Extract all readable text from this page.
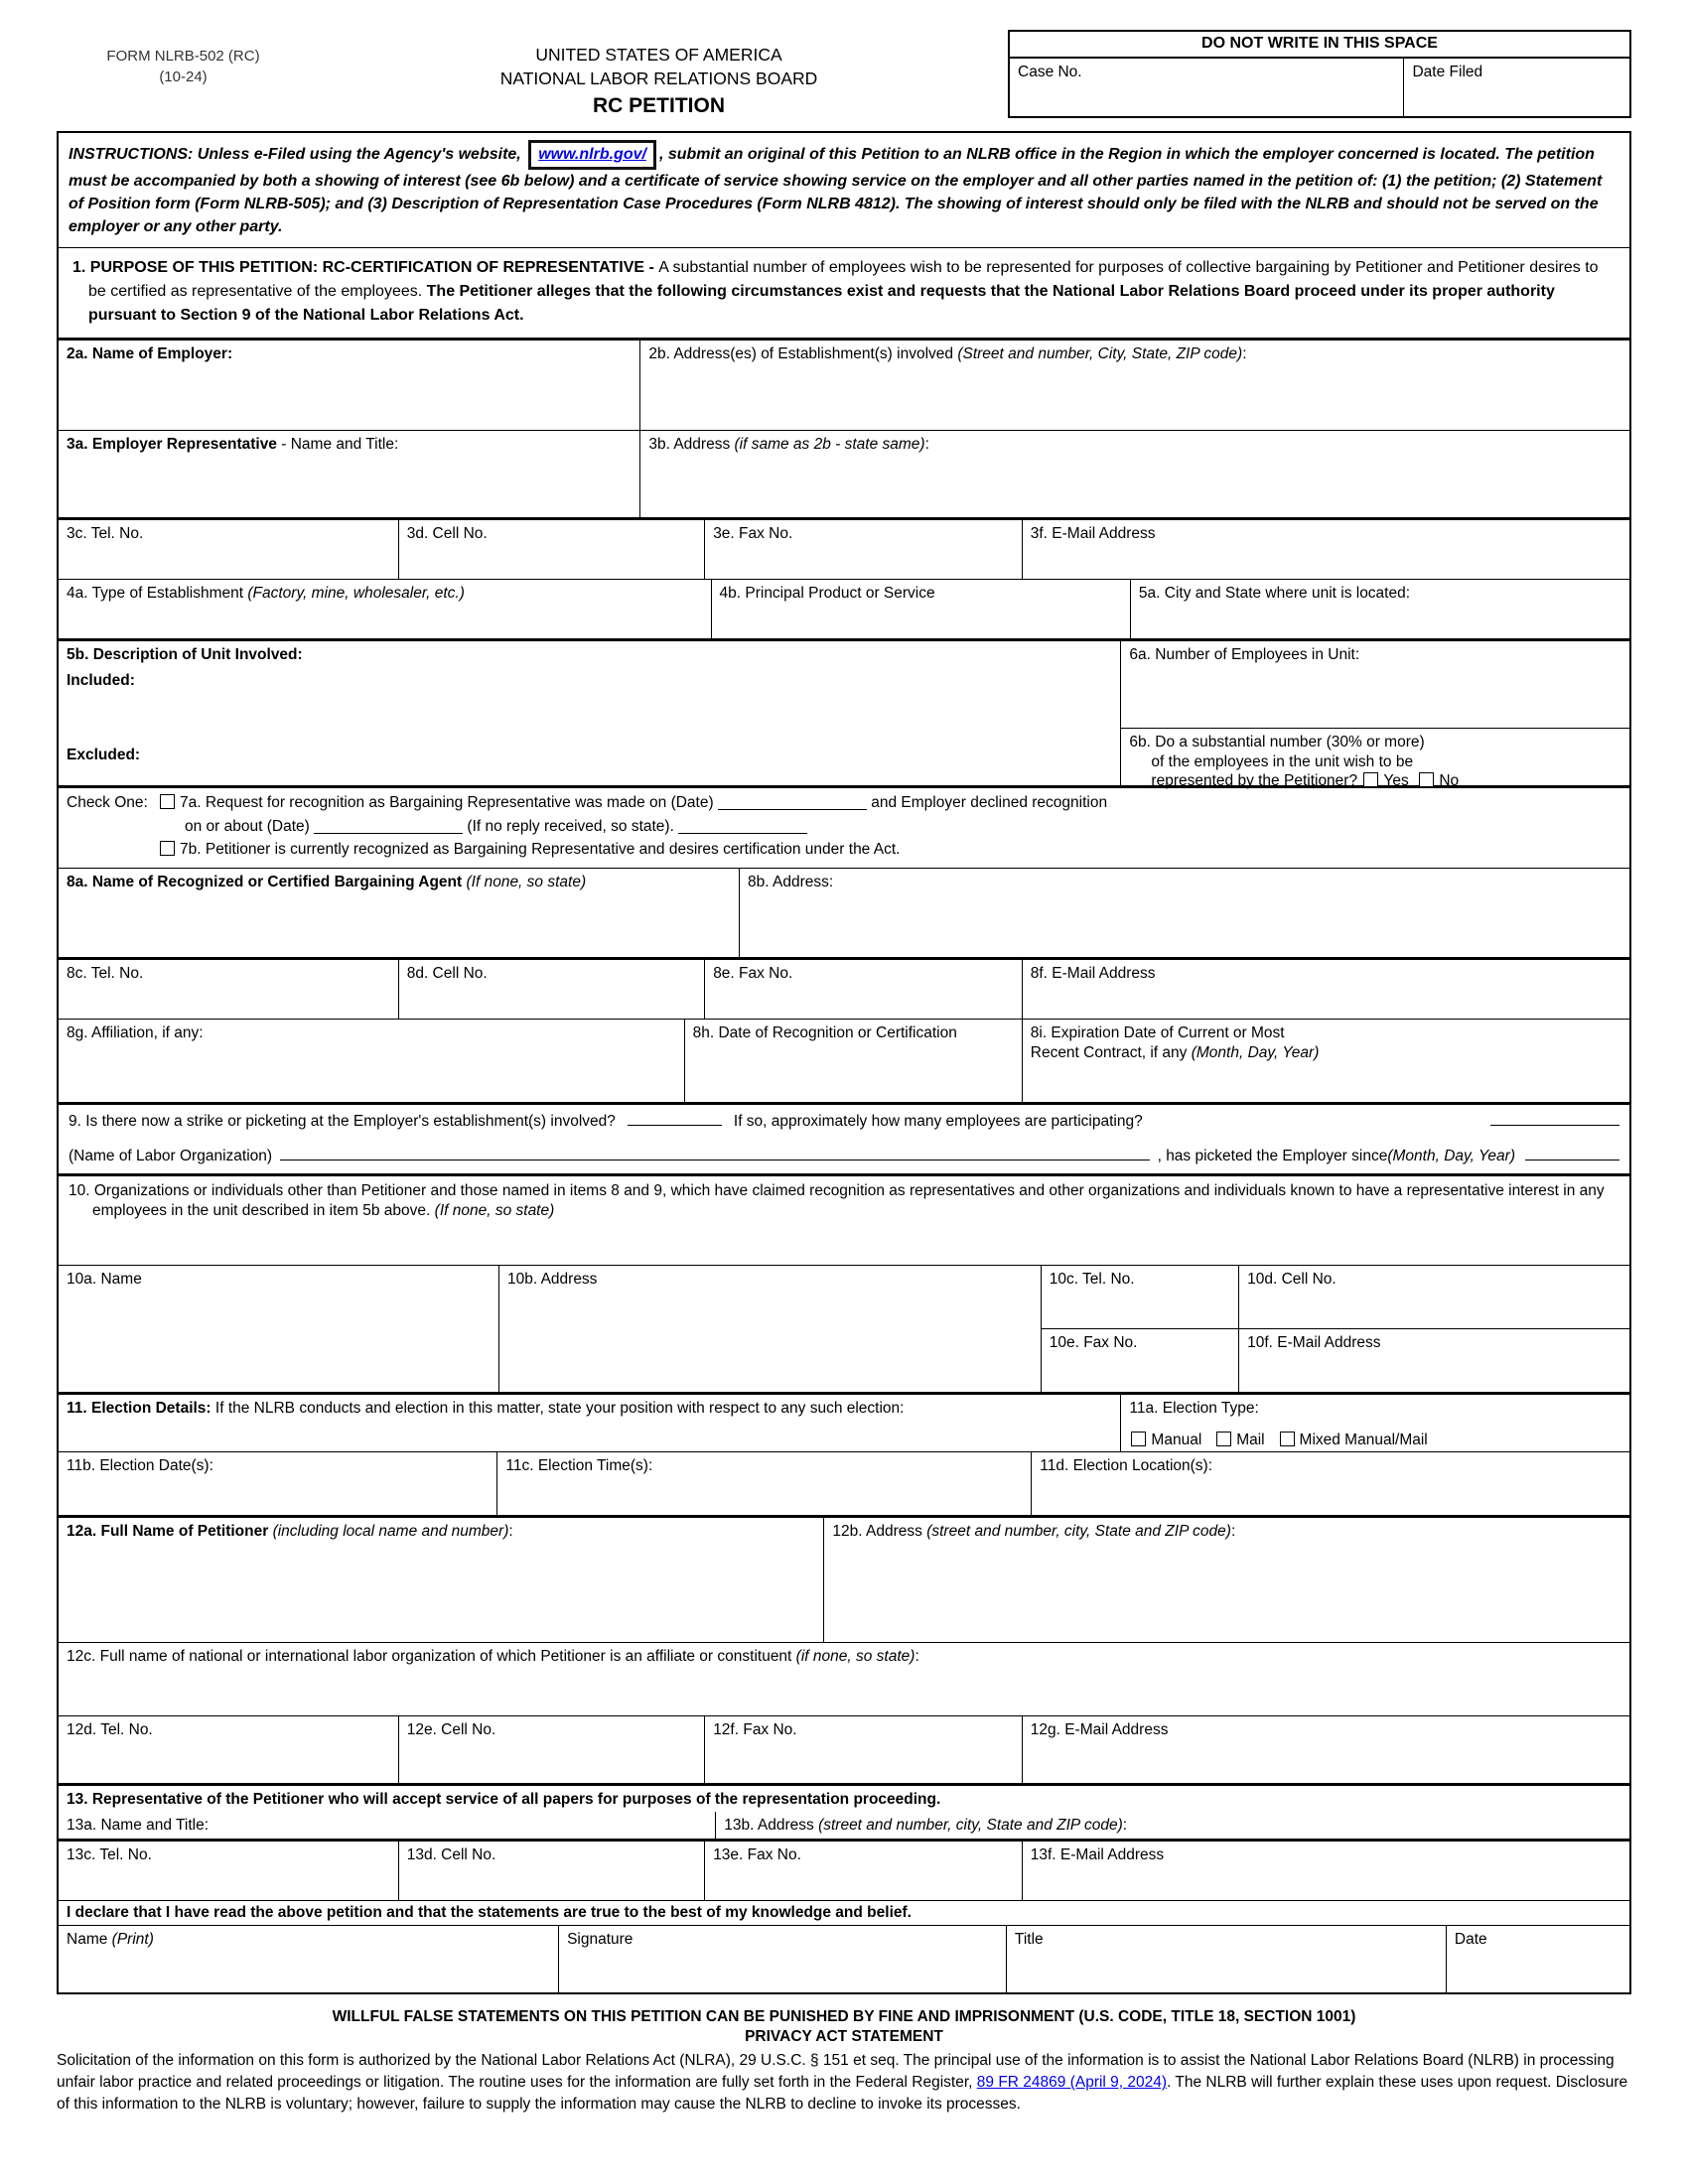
FORM NLRB-502 (RC)
(10-24)
UNITED STATES OF AMERICA
NATIONAL LABOR RELATIONS BOARD
RC PETITION
DO NOT WRITE IN THIS SPACE
Case No.	Date Filed
INSTRUCTIONS: Unless e-Filed using the Agency's website, www.nlrb.gov/ , submit an original of this Petition to an NLRB office in the Region in which the employer concerned is located. The petition must be accompanied by both a showing of interest (see 6b below) and a certificate of service showing service on the employer and all other parties named in the petition of: (1) the petition; (2) Statement of Position form (Form NLRB-505); and (3) Description of Representation Case Procedures (Form NLRB 4812). The showing of interest should only be filed with the NLRB and should not be served on the employer or any other party.
1. PURPOSE OF THIS PETITION: RC-CERTIFICATION OF REPRESENTATIVE - A substantial number of employees wish to be represented for purposes of collective bargaining by Petitioner and Petitioner desires to be certified as representative of the employees. The Petitioner alleges that the following circumstances exist and requests that the National Labor Relations Board proceed under its proper authority pursuant to Section 9 of the National Labor Relations Act.
2a. Name of Employer:	2b. Address(es) of Establishment(s) involved (Street and number, City, State, ZIP code):
3a. Employer Representative - Name and Title:	3b. Address (if same as 2b - state same):
3c. Tel. No.	3d. Cell No.	3e. Fax No.	3f. E-Mail Address
4a. Type of Establishment (Factory, mine, wholesaler, etc.)	4b. Principal Product or Service	5a. City and State where unit is located:
5b. Description of Unit Involved:
Included:
Excluded:
6a. Number of Employees in Unit:
6b. Do a substantial number (30% or more)
of the employees in the unit wish to be
represented by the Petitioner? Yes No
Check One:	7a. Request for recognition as Bargaining Representative was made on (Date)	and Employer declined recognition
on or about (Date)	(If no reply received, so state).
7b. Petitioner is currently recognized as Bargaining Representative and desires certification under the Act.
8a. Name of Recognized or Certified Bargaining Agent (If none, so state)	8b. Address:
8c. Tel. No.	8d. Cell No.	8e. Fax No.	8f. E-Mail Address
8g. Affiliation, if any:	8h. Date of Recognition or Certification	8i. Expiration Date of Current or Most
Recent Contract, if any (Month, Day, Year)
9. Is there now a strike or picketing at the Employer's establishment(s) involved?	If so, approximately how many employees are participating?
(Name of Labor Organization)	, has picketed the Employer since (Month, Day, Year)
10. Organizations or individuals other than Petitioner and those named in items 8 and 9, which have claimed recognition as representatives and other organizations and individuals known to have a representative interest in any employees in the unit described in item 5b above. (If none, so state)
10a. Name	10b. Address	10c. Tel. No.	10d. Cell No.
10e. Fax No.	10f. E-Mail Address
11. Election Details: If the NLRB conducts and election in this matter, state your position with respect to any such election:	11a. Election Type:
Manual Mail Mixed Manual/Mail
11b. Election Date(s):	11c. Election Time(s):	11d. Election Location(s):
12a. Full Name of Petitioner (including local name and number):	12b. Address (street and number, city, State and ZIP code):
12c. Full name of national or international labor organization of which Petitioner is an affiliate or constituent (if none, so state):
12d. Tel. No.	12e. Cell No.	12f. Fax No.	12g. E-Mail Address
13. Representative of the Petitioner who will accept service of all papers for purposes of the representation proceeding.
13a. Name and Title:	13b. Address (street and number, city, State and ZIP code):
13c. Tel. No.	13d. Cell No.	13e. Fax No.	13f. E-Mail Address
I declare that I have read the above petition and that the statements are true to the best of my knowledge and belief.
Name (Print)	Signature	Title	Date
WILLFUL FALSE STATEMENTS ON THIS PETITION CAN BE PUNISHED BY FINE AND IMPRISONMENT (U.S. CODE, TITLE 18, SECTION 1001)
PRIVACY ACT STATEMENT
Solicitation of the information on this form is authorized by the National Labor Relations Act (NLRA), 29 U.S.C. § 151 et seq. The principal use of the information is to assist the National Labor Relations Board (NLRB) in processing unfair labor practice and related proceedings or litigation. The routine uses for the information are fully set forth in the Federal Register, 89 FR 24869 (April 9, 2024). The NLRB will further explain these uses upon request. Disclosure of this information to the NLRB is voluntary; however, failure to supply the information may cause the NLRB to decline to invoke its processes.
